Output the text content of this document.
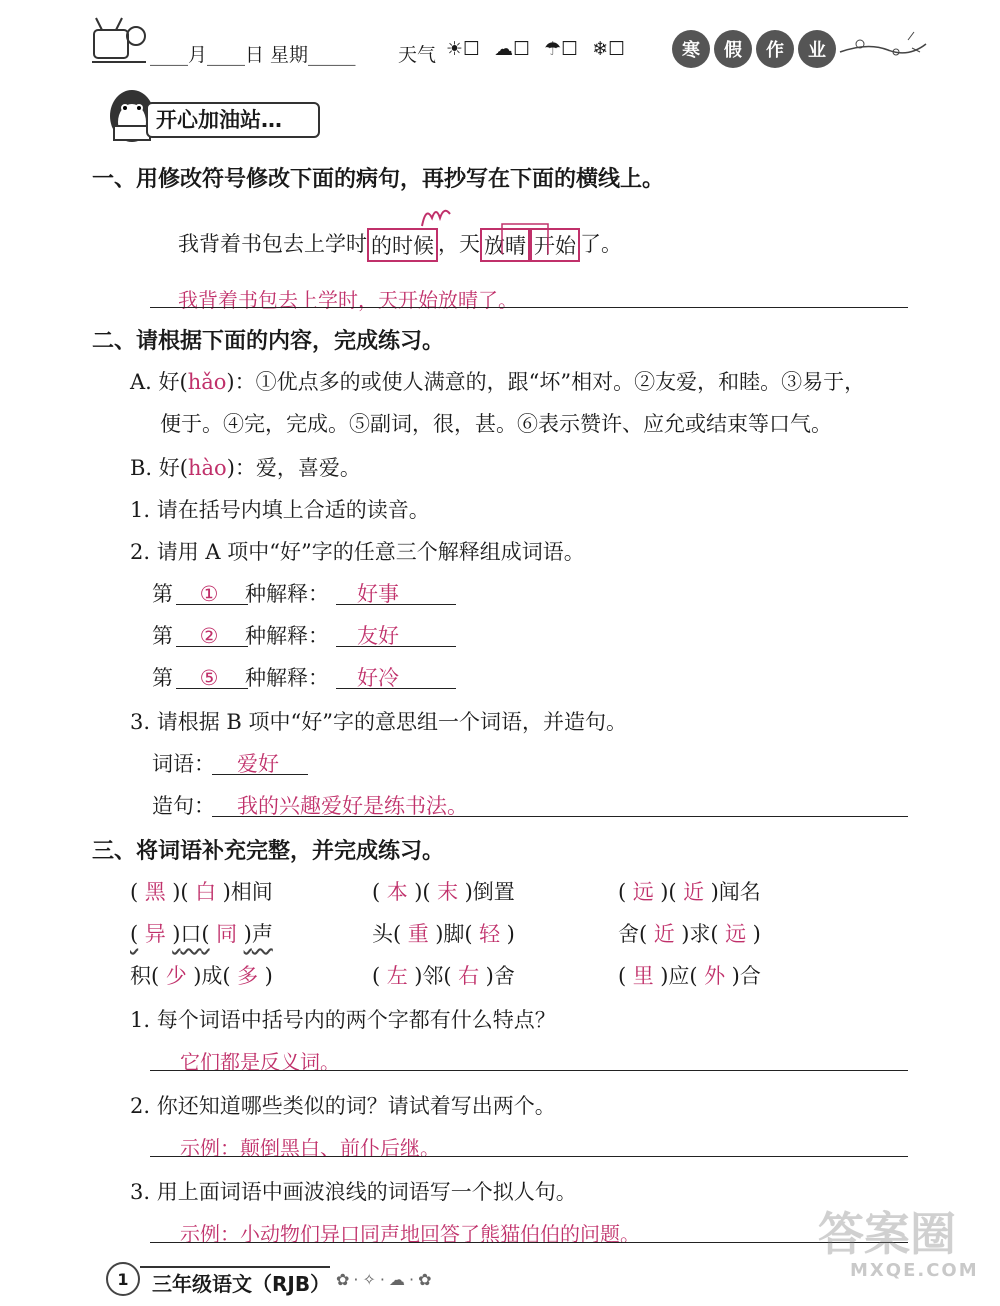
____月____日 星期_____ 天气 ☀☐ ☁☐ ☂☐ ❄☐	寒	假	作	业
开心加油站…
一、用修改符号修改下面的病句，再抄写在下面的横线上。
我背着书包去上学时 的时候 ，天 放晴 开始 了。
我背着书包去上学时，天开始放晴了。
二、请根据下面的内容，完成练习。
A. 好(hǎo)：①优点多的或使人满意的，跟“坏”相对。②友爱，和睦。③易于，
便于。④完，完成。⑤副词，很，甚。⑥表示赞许、应允或结束等口气。
B. 好(hào)：爱，喜爱。
1. 请在括号内填上合适的读音。
2. 请用 A 项中“好”字的任意三个解释组成词语。
第 ① 种解释： 好事
第 ② 种解释： 友好
第 ⑤ 种解释： 好冷
3. 请根据 B 项中“好”字的意思组一个词语，并造句。
词语： 爱好
造句： 我的兴趣爱好是练书法。
三、将词语补充完整，并完成练习。
( 黑 )( 白 )相间	( 本 )( 末 )倒置	( 远 )( 近 )闻名
( 异 )口( 同 )声	头( 重 )脚( 轻 )	舍( 近 )求( 远 )
积( 少 )成( 多 )	( 左 )邻( 右 )舍	( 里 )应( 外 )合
1. 每个词语中括号内的两个字都有什么特点？
它们都是反义词。
2. 你还知道哪些类似的词？请试着写出两个。
示例：颠倒黑白、前仆后继。
3. 用上面词语中画波浪线的词语写一个拟人句。
示例：小动物们异口同声地回答了熊猫伯伯的问题。
1	三年级语文（RJB） ✿·✧·☁·✿
答案圈
MXQE.COM
